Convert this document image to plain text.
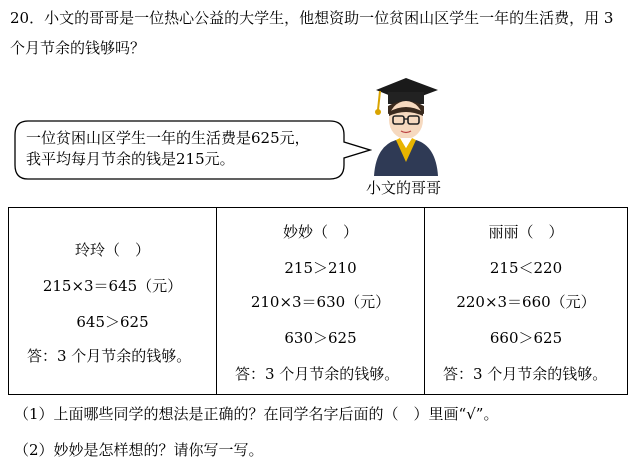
20．小文的哥哥是一位热心公益的大学生，他想资助一位贫困山区学生一年的生活费，用 3
个月节余的钱够吗？
一位贫困山区学生一年的生活费是625元，
我平均每月节余的钱是215元。
小文的哥哥
玲玲（　）
215×3＝645（元）
645＞625
答：3 个月节余的钱够。
妙妙（　）
215＞210
210×3＝630（元）
630＞625
答：3 个月节余的钱够。
丽丽（　）
215＜220
220×3＝660（元）
660＞625
答：3 个月节余的钱够。
（1）上面哪些同学的想法是正确的？在同学名字后面的（　）里画“√”。
（2）妙妙是怎样想的？请你写一写。
